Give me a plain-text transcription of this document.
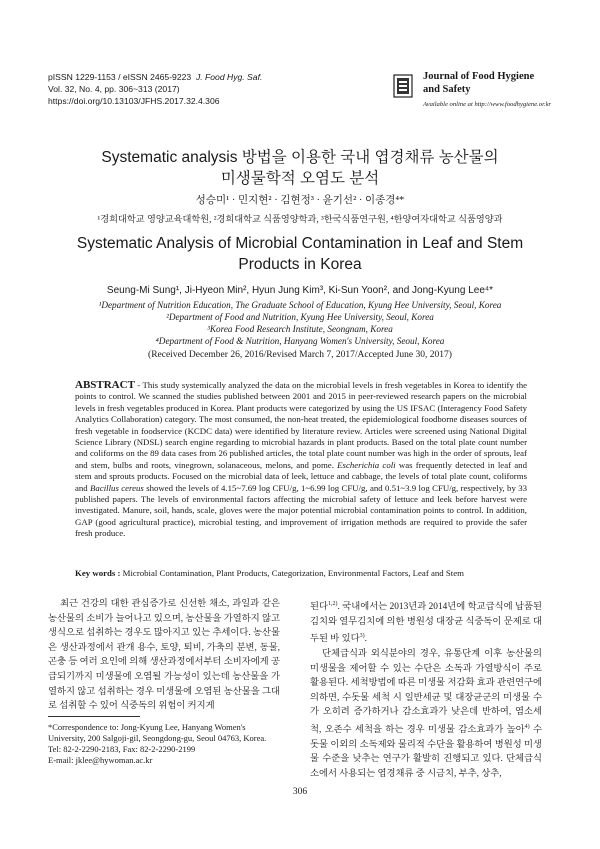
pISSN 1229-1153 / eISSN 2465-9223 J. Food Hyg. Saf.
Vol. 32, No. 4, pp. 306~313 (2017)
https://doi.org/10.13103/JFHS.2017.32.4.306
Journal of Food Hygiene
and Safety
Available online at http://www.foodhygiene.or.kr
Systematic analysis 방법을 이용한 국내 엽경채류 농산물의
미생물학적 오염도 분석
성승미¹ · 민지현² · 김현정³ · 윤기선² · 이종경⁴*
¹경희대학교 영양교육대학원, ²경희대학교 식품영양학과, ³한국식품연구원, ⁴한양여자대학교 식품영양과
Systematic Analysis of Microbial Contamination in Leaf and Stem
Products in Korea
Seung-Mi Sung¹, Ji-Hyeon Min², Hyun Jung Kim³, Ki-Sun Yoon², and Jong-Kyung Lee⁴*
¹Department of Nutrition Education, The Graduate School of Education, Kyung Hee University, Seoul, Korea
²Department of Food and Nutrition, Kyung Hee University, Seoul, Korea
³Korea Food Research Institute, Seongnam, Korea
⁴Department of Food & Nutrition, Hanyang Women's University, Seoul, Korea
(Received December 26, 2016/Revised March 7, 2017/Accepted June 30, 2017)
ABSTRACT - This study systemically analyzed the data on the microbial levels in fresh vegetables in Korea to identify the points to control. We scanned the studies published between 2001 and 2015 in peer-reviewed research papers on the microbial levels in fresh vegetables produced in Korea. Plant products were categorized by using the US IFSAC (Interagency Food Safety Analytics Collaboration) category. The most consumed, the non-heat treated, the epidemiological foodborne diseases sources of fresh vegetable in foodservice (KCDC data) were identified by literature review. Articles were screened using National Digital Science Library (NDSL) search engine regarding to microbial hazards in plant products. Based on the total plate count number and coliforms on the 89 data cases from 26 published articles, the total plate count number was high in the order of sprouts, leaf and stem, bulbs and roots, vinegrown, solanaceous, melons, and pome. Escherichia coli was frequently detected in leaf and stem and sprouts products. Focused on the microbial data of leek, lettuce and cabbage, the levels of total plate count, coliforms and Bacillus cereus showed the levels of 4.15~7.69 log CFU/g, 1~6.99 log CFU/g, and 0.51~3.9 log CFU/g, respectively, by 33 published papers. The levels of environmental factors affecting the microbial safety of lettuce and leek before harvest were investigated. Manure, soil, hands, scale, gloves were the major potential microbial contamination points to control. In addition, GAP (good agricultural practice), microbial testing, and improvement of irrigation methods are required to provide the safer fresh produce.
Key words : Microbial Contamination, Plant Products, Categorization, Environmental Factors, Leaf and Stem

최근 건강의 대한 관심증가로 신선한 채소, 과일과 같은 농산물의 소비가 늘어나고 있으며, 농산물을 가열하지 않고 생식으로 섭취하는 경우도 많아지고 있는 추세이다. 농산물은 생산과정에서 관개 용수, 토양, 퇴비, 가축의 분변, 동물, 곤충 등 여러 요인에 의해 생산과정에서부터 소비자에게 공급되기까지 미생물에 오염될 가능성이 있는데 농산물을 가열하지 않고 섭취하는 경우 미생물에 오염된 농산물을 그대로 섭취할 수 있어 식중독의 위험이 커지게

*Correspondence to: Jong-Kyung Lee, Hanyang Women's University, 200 Salgoji-gil, Seongdong-gu, Seoul 04763, Korea.
Tel: 82-2-2290-2183, Fax: 82-2-2290-2199
E-mail: jklee@hywoman.ac.kr

된다$^{1,2)}$. 국내에서는 2013년과 2014년에 학교급식에 납품된 김치와 열무김치에 의한 병원성 대장균 식중독이 문제로 대두된 바 있다$^{3)}$.

단체급식과 외식분야의 경우, 유통단계 이후 농산물의 미생물을 제어할 수 있는 수단은 소독과 가열방식이 주로 활용된다. 세척방법에 따른 미생물 저감화 효과 관련연구에 의하면, 수돗물 세척 시 일반세균 및 대장균군의 미생물 수가 오히려 증가하거나 감소효과가 낮은데 반하여, 염소세척, 오존수 세척을 하는 경우 미생물 감소효과가 높아$^{4)}$ 수돗물 이외의 소독제와 물리적 수단을 활용하여 병원성 미생물 수준을 낮추는 연구가 활발히 진행되고 있다. 단체급식소에서 사용되는 엽경채류 중 시금치, 부추, 상추,

306
